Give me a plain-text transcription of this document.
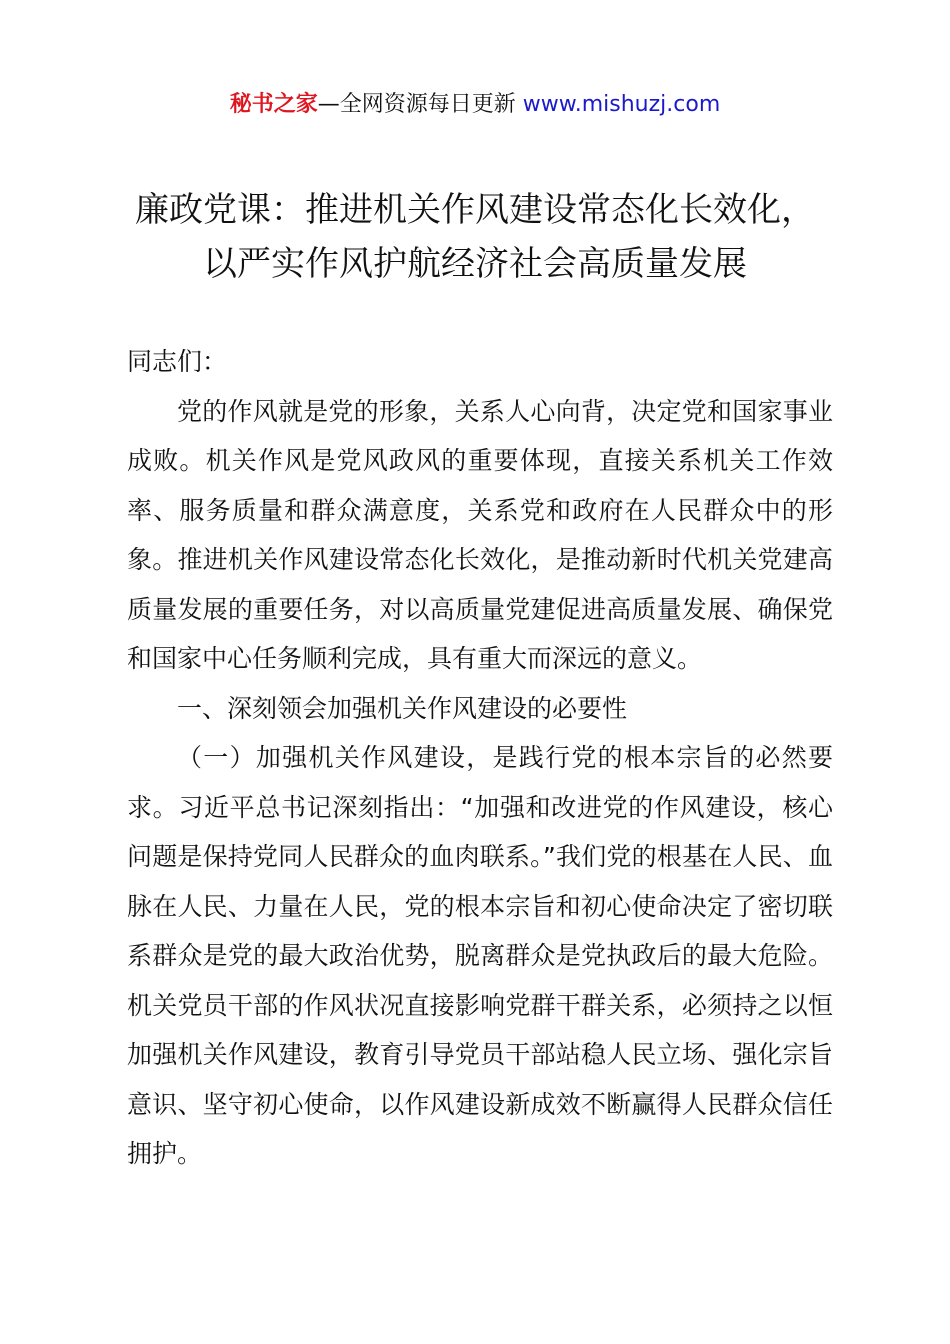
秘书之家—全网资源每日更新 www.mishuzj.com
廉政党课：推进机关作风建设常态化长效化，
以严实作风护航经济社会高质量发展

同志们：

党的作风就是党的形象，关系人心向背，决定党和国家事业成败。机关作风是党风政风的重要体现，直接关系机关工作效率、服务质量和群众满意度，关系党和政府在人民群众中的形象。推进机关作风建设常态化长效化，是推动新时代机关党建高质量发展的重要任务，对以高质量党建促进高质量发展、确保党和国家中心任务顺利完成，具有重大而深远的意义。

一、深刻领会加强机关作风建设的必要性

（一）加强机关作风建设，是践行党的根本宗旨的必然要求。习近平总书记深刻指出：“加强和改进党的作风建设，核心问题是保持党同人民群众的血肉联系。”我们党的根基在人民、血脉在人民、力量在人民，党的根本宗旨和初心使命决定了密切联系群众是党的最大政治优势，脱离群众是党执政后的最大危险。机关党员干部的作风状况直接影响党群干群关系，必须持之以恒加强机关作风建设，教育引导党员干部站稳人民立场、强化宗旨意识、坚守初心使命，以作风建设新成效不断赢得人民群众信任拥护。
